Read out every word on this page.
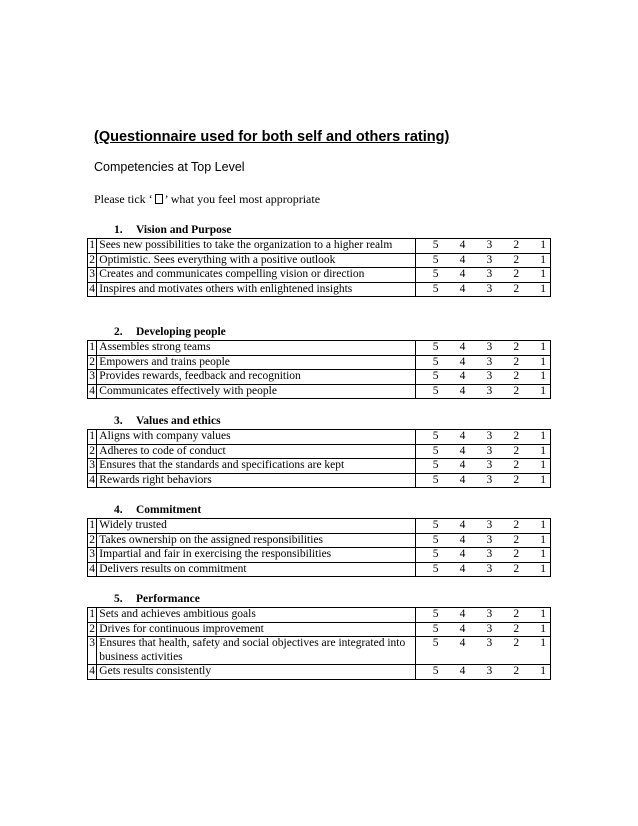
(Questionnaire used for both self and others rating)
Competencies at Top Level
Please tick ‘ ’ what you feel most appropriate
1. Vision and Purpose
1	Sees new possibilities to take the organization to a higher realm	5	4	3	2	1
2	Optimistic. Sees everything with a positive outlook	5	4	3	2	1
3	Creates and communicates compelling vision or direction	5	4	3	2	1
4	Inspires and motivates others with enlightened insights	5	4	3	2	1
2. Developing people
1	Assembles strong teams	5	4	3	2	1
2	Empowers and trains people	5	4	3	2	1
3	Provides rewards, feedback and recognition	5	4	3	2	1
4	Communicates effectively with people	5	4	3	2	1
3. Values and ethics
1	Aligns with company values	5	4	3	2	1
2	Adheres to code of conduct	5	4	3	2	1
3	Ensures that the standards and specifications are kept	5	4	3	2	1
4	Rewards right behaviors	5	4	3	2	1
4. Commitment
1	Widely trusted	5	4	3	2	1
2	Takes ownership on the assigned responsibilities	5	4	3	2	1
3	Impartial and fair in exercising the responsibilities	5	4	3	2	1
4	Delivers results on commitment	5	4	3	2	1
5. Performance
1	Sets and achieves ambitious goals	5	4	3	2	1
2	Drives for continuous improvement	5	4	3	2	1
3	Ensures that health, safety and social objectives are integrated into business activities	5	4	3	2	1
4	Gets results consistently	5	4	3	2	1
